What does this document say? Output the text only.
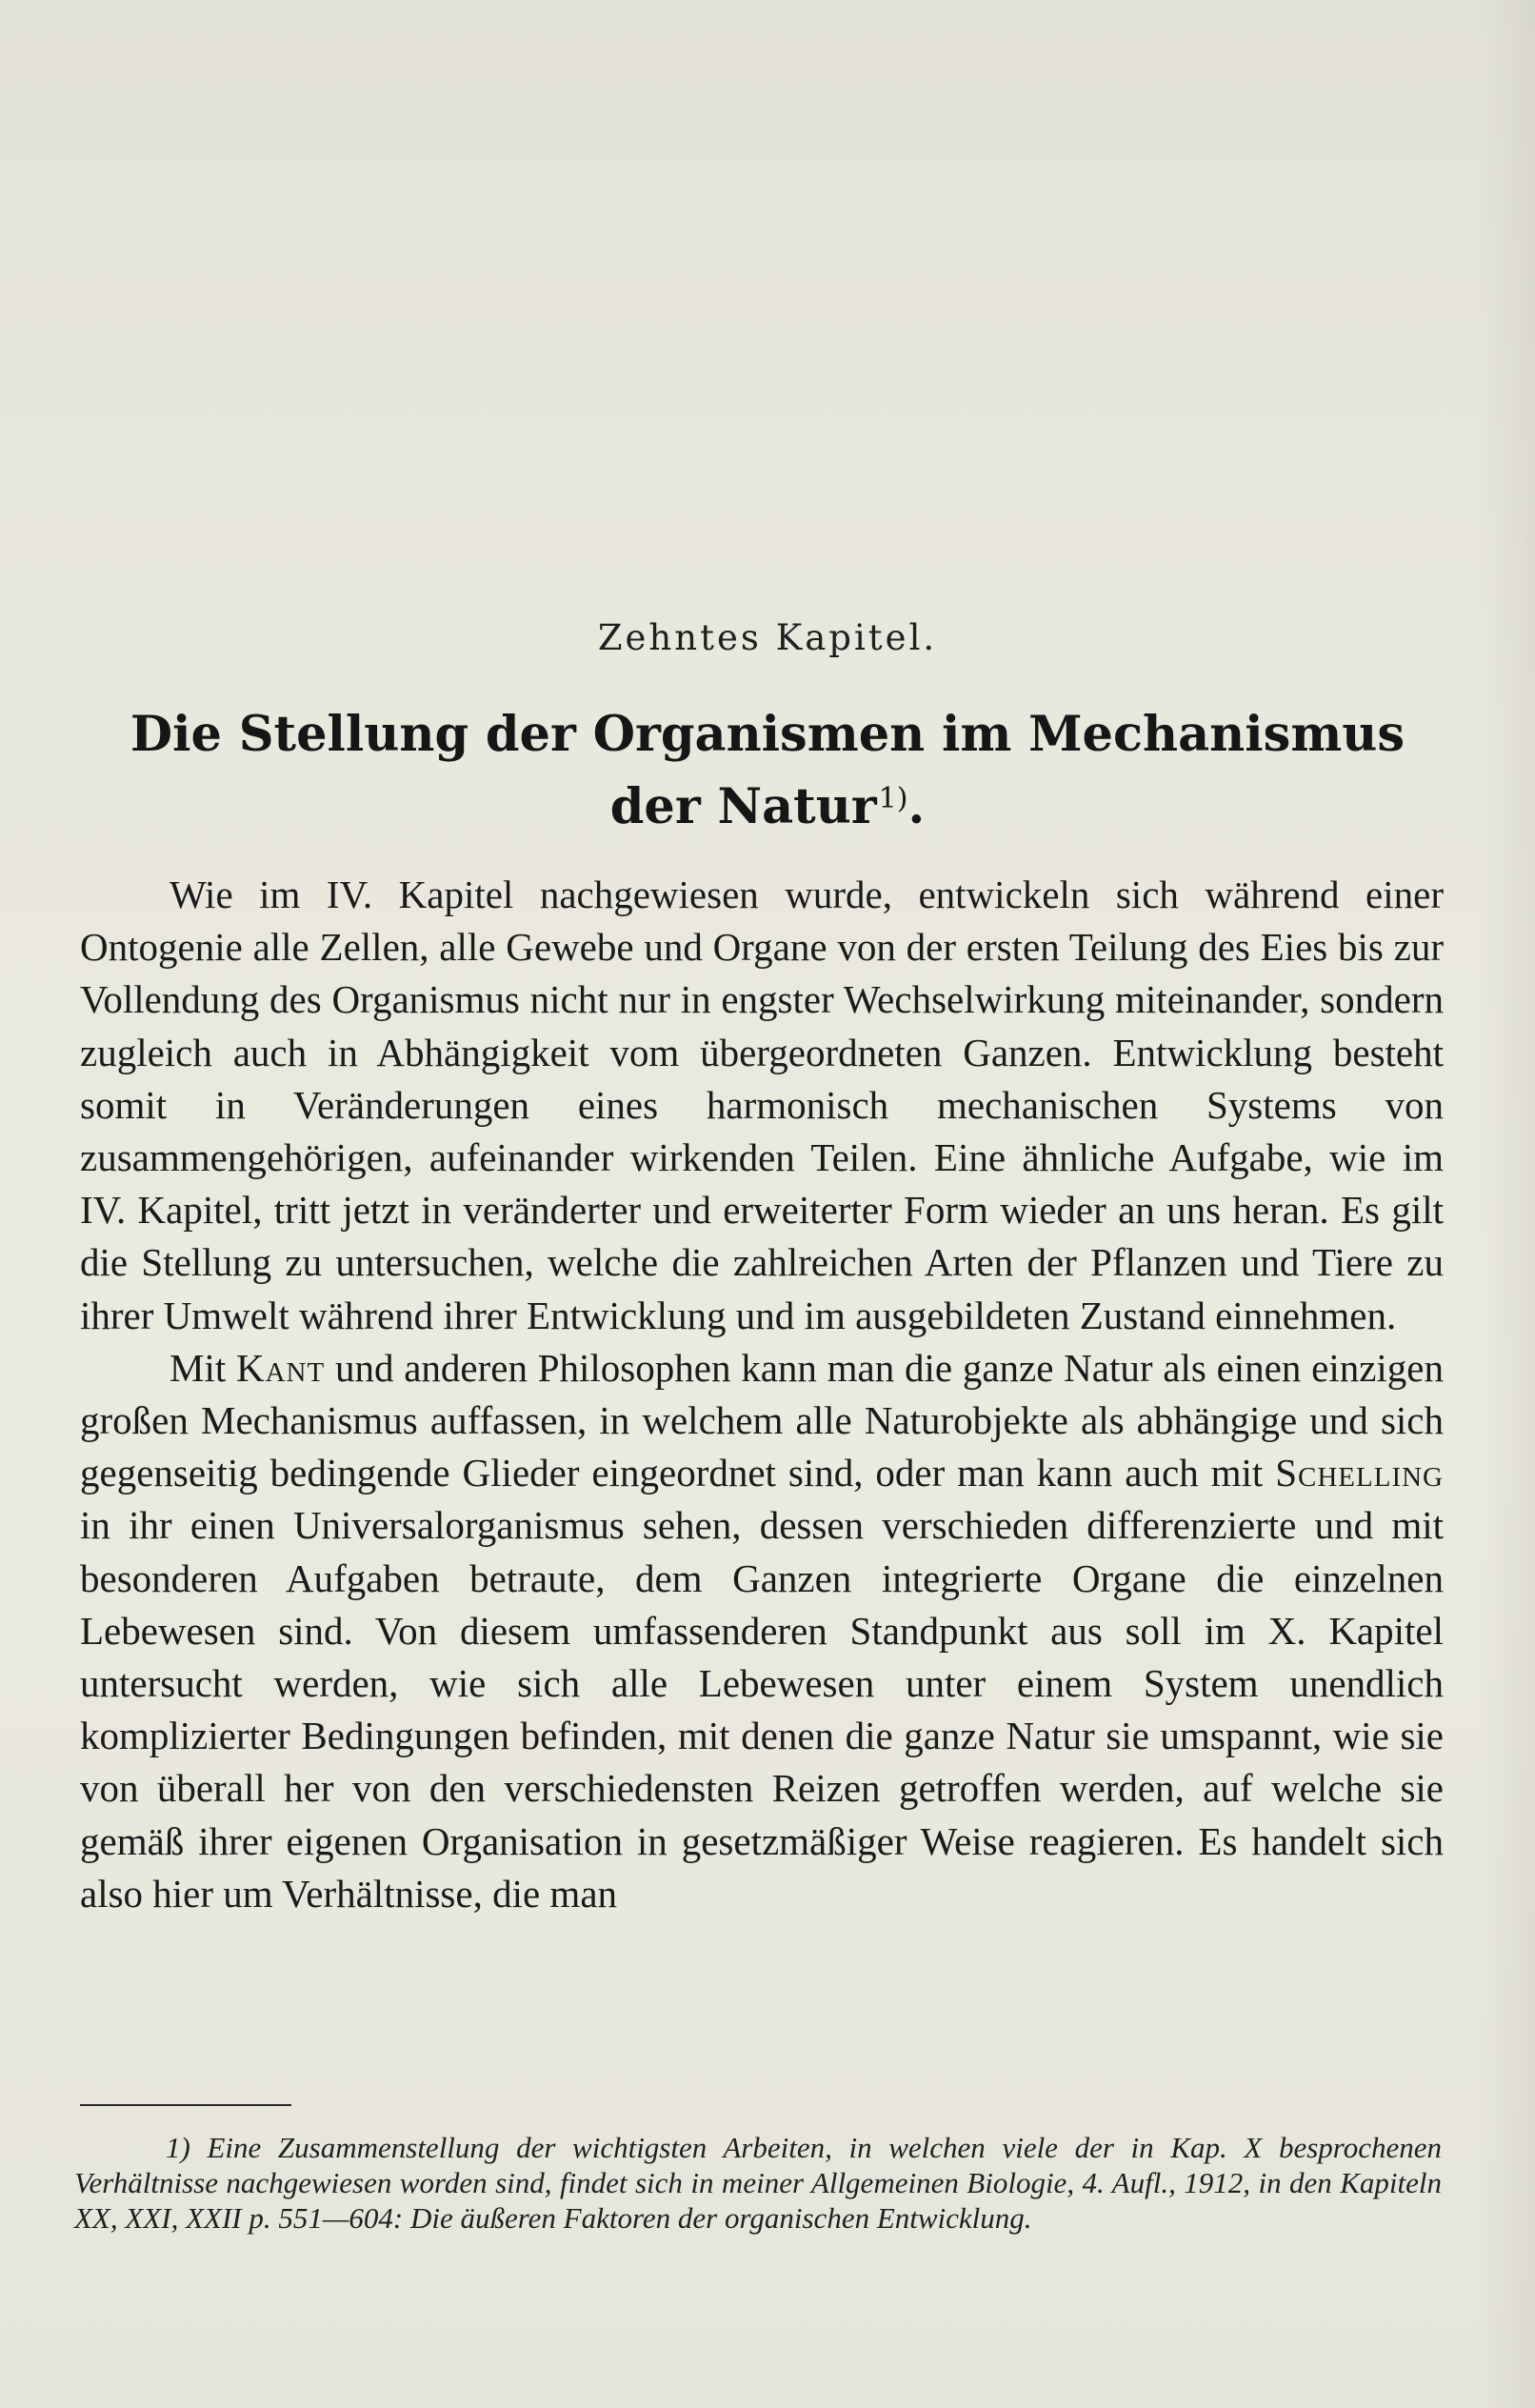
Zehntes Kapitel.
Die Stellung der Organismen im Mechanismus
der Natur$^{1)}$.

Wie im IV. Kapitel nachgewiesen wurde, entwickeln sich während einer Ontogenie alle Zellen, alle Gewebe und Organe von der ersten Teilung des Eies bis zur Vollendung des Organismus nicht nur in engster Wechselwirkung miteinander, sondern zugleich auch in Abhängigkeit vom übergeordneten Ganzen. Entwicklung besteht somit in Veränderungen eines harmonisch mechanischen Systems von zusammengehörigen, aufeinander wirkenden Teilen. Eine ähnliche Aufgabe, wie im IV. Kapitel, tritt jetzt in veränderter und erweiterter Form wieder an uns heran. Es gilt die Stellung zu untersuchen, welche die zahlreichen Arten der Pflanzen und Tiere zu ihrer Umwelt während ihrer Entwicklung und im ausgebildeten Zustand einnehmen.

Mit Kant und anderen Philosophen kann man die ganze Natur als einen einzigen großen Mechanismus auffassen, in welchem alle Naturobjekte als abhängige und sich gegenseitig bedingende Glieder eingeordnet sind, oder man kann auch mit Schelling in ihr einen Universalorganismus sehen, dessen verschieden differenzierte und mit besonderen Aufgaben betraute, dem Ganzen integrierte Organe die einzelnen Lebewesen sind. Von diesem umfassenderen Standpunkt aus soll im X. Kapitel untersucht werden, wie sich alle Lebewesen unter einem System unendlich komplizierter Bedingungen befinden, mit denen die ganze Natur sie umspannt, wie sie von überall her von den verschiedensten Reizen getroffen werden, auf welche sie gemäß ihrer eigenen Organisation in gesetzmäßiger Weise reagieren. Es handelt sich also hier um Verhältnisse, die man

1) Eine Zusammenstellung der wichtigsten Arbeiten, in welchen viele der in Kap. X besprochenen Verhältnisse nachgewiesen worden sind, findet sich in meiner Allgemeinen Biologie, 4. Aufl., 1912, in den Kapiteln XX, XXI, XXII p. 551—604: Die äußeren Faktoren der organischen Entwicklung.
